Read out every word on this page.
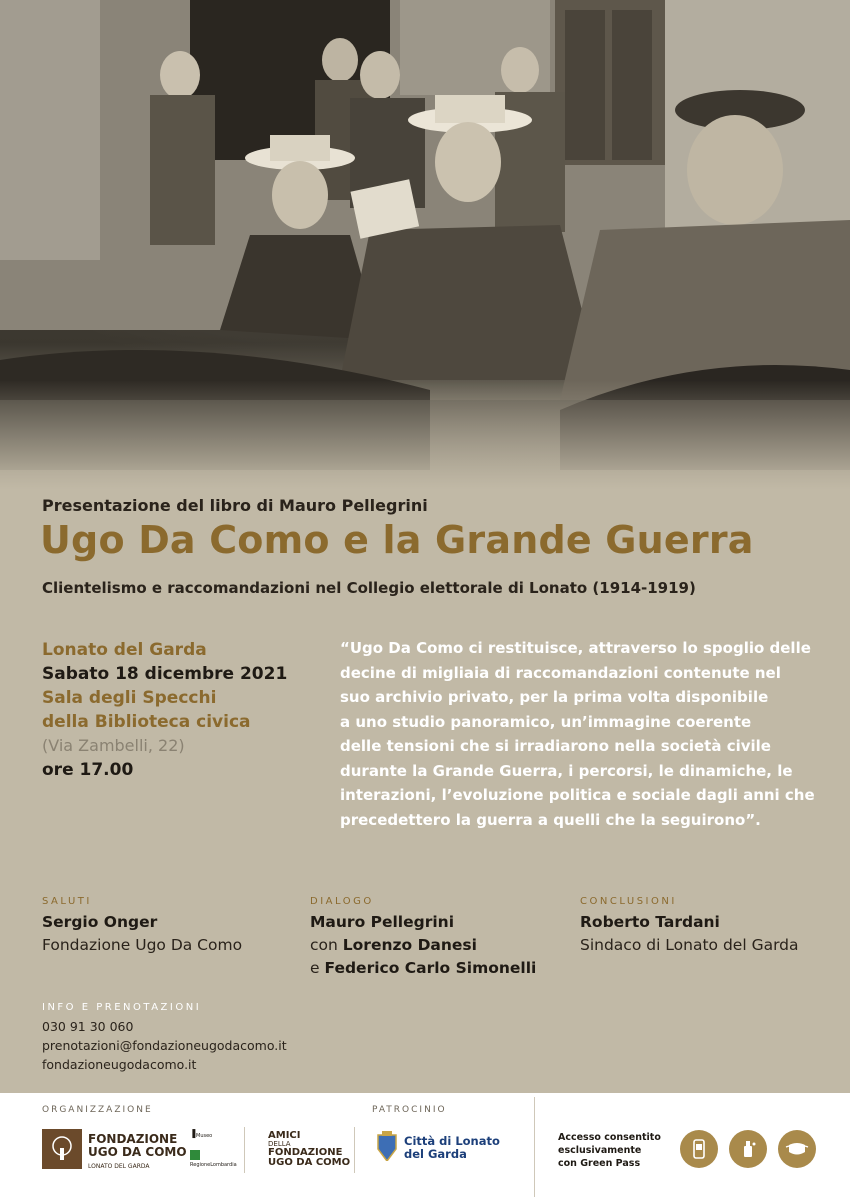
Presentazione del libro di Mauro Pellegrini
Ugo Da Como e la Grande Guerra
Clientelismo e raccomandazioni nel Collegio elettorale di Lonato (1914-1919)
Lonato del Garda
Sabato 18 dicembre 2021
Sala degli Specchi
della Biblioteca civica
(Via Zambelli, 22)
ore 17.00

“Ugo Da Como ci restituisce, attraverso lo spoglio delle

decine di migliaia di raccomandazioni contenute nel

suo archivio privato, per la prima volta disponibile

a uno studio panoramico, un’immagine coerente

delle tensioni che si irradiarono nella società civile

durante la Grande Guerra, i percorsi, le dinamiche, le

interazioni, l’evoluzione politica e sociale dagli anni che

precedettero la guerra a quelli che la seguirono”.

SALUTI
Sergio Onger
Fondazione Ugo Da Como
DIALOGO
Mauro Pellegrini
con Lorenzo Danesi
e Federico Carlo Simonelli
CONCLUSIONI
Roberto Tardani
Sindaco di Lonato del Garda
INFO E PRENOTAZIONI
030 91 30 060
prenotazioni@fondazioneugodacomo.it
fondazioneugodacomo.it
ORGANIZZAZIONE	PATROCINIO
FONDAZIONE
UGO DA COMO
LONATO DEL GARDA
❚
Museo
RegioneLombardia
AMICI
DELLA
FONDAZIONE
UGO DA COMO
Città di Lonato
del Garda
Accesso consentito
esclusivamente
con Green Pass
